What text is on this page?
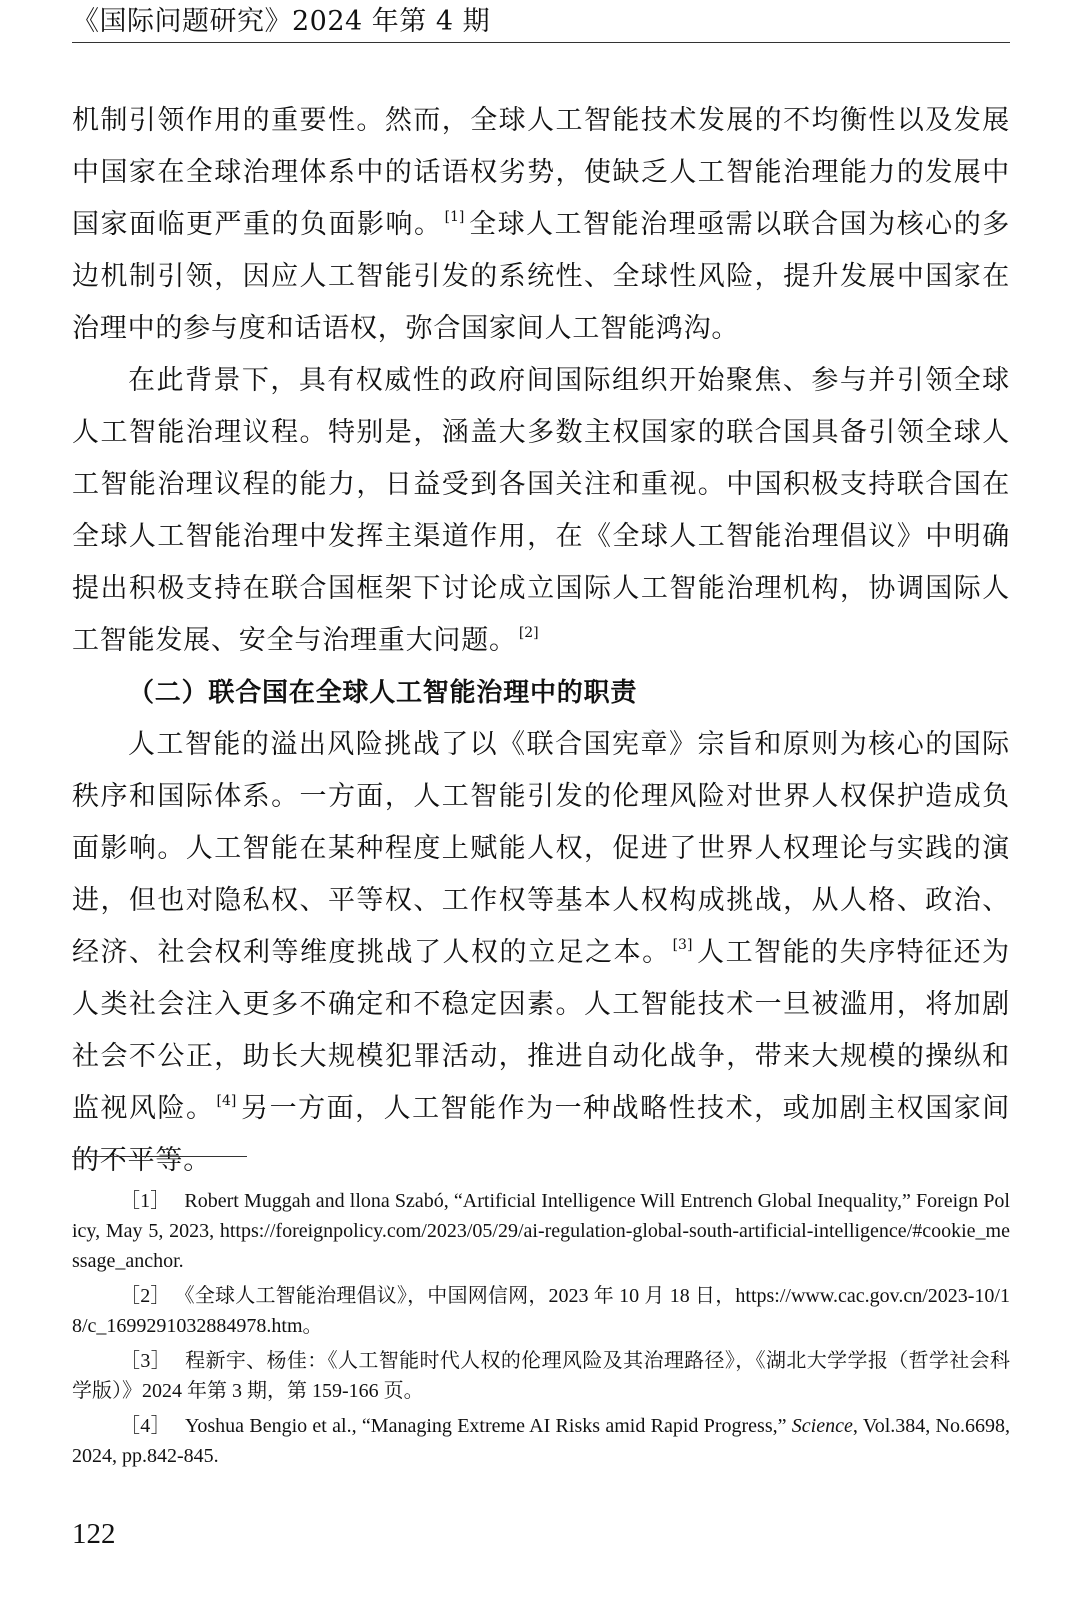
《国际问题研究》2024 年第 4 期

机制引领作用的重要性。然而，全球人工智能技术发展的不均衡性以及发展中国家在全球治理体系中的话语权劣势，使缺乏人工智能治理能力的发展中国家面临更严重的负面影响。 [1] 全球人工智能治理亟需以联合国为核心的多边机制引领，因应人工智能引发的系统性、全球性风险，提升发展中国家在治理中的参与度和话语权，弥合国家间人工智能鸿沟。

在此背景下，具有权威性的政府间国际组织开始聚焦、参与并引领全球人工智能治理议程。特别是，涵盖大多数主权国家的联合国具备引领全球人工智能治理议程的能力，日益受到各国关注和重视。中国积极支持联合国在全球人工智能治理中发挥主渠道作用，在《全球人工智能治理倡议》中明确提出积极支持在联合国框架下讨论成立国际人工智能治理机构，协调国际人工智能发展、安全与治理重大问题。 [2]

（二）联合国在全球人工智能治理中的职责

人工智能的溢出风险挑战了以《联合国宪章》宗旨和原则为核心的国际秩序和国际体系。一方面，人工智能引发的伦理风险对世界人权保护造成负面影响。人工智能在某种程度上赋能人权，促进了世界人权理论与实践的演进，但也对隐私权、平等权、工作权等基本人权构成挑战，从人格、政治、经济、社会权利等维度挑战了人权的立足之本。 [3] 人工智能的失序特征还为人类社会注入更多不确定和不稳定因素。人工智能技术一旦被滥用，将加剧社会不公正，助长大规模犯罪活动，推进自动化战争，带来大规模的操纵和监视风险。 [4] 另一方面，人工智能作为一种战略性技术，或加剧主权国家间的不平等。

［1］ Robert Muggah and llona Szabó, “Artificial Intelligence Will Entrench Global Inequality,” Foreign Policy, May 5, 2023, https://foreignpolicy.com/2023/05/29/ai-regulation-global-south-artificial-intelligence/#cookie_message_anchor.
［2］ 《全球人工智能治理倡议》，中国网信网，2023 年 10 月 18 日，https://www.cac.gov.cn/2023-10/18/c_1699291032884978.htm。
［3］ 程新宇、杨佳：《人工智能时代人权的伦理风险及其治理路径》，《湖北大学学报（哲学社会科学版）》2024 年第 3 期，第 159-166 页。
［4］ Yoshua Bengio et al., “Managing Extreme AI Risks amid Rapid Progress,” Science, Vol.384, No.6698, 2024, pp.842-845.
122
